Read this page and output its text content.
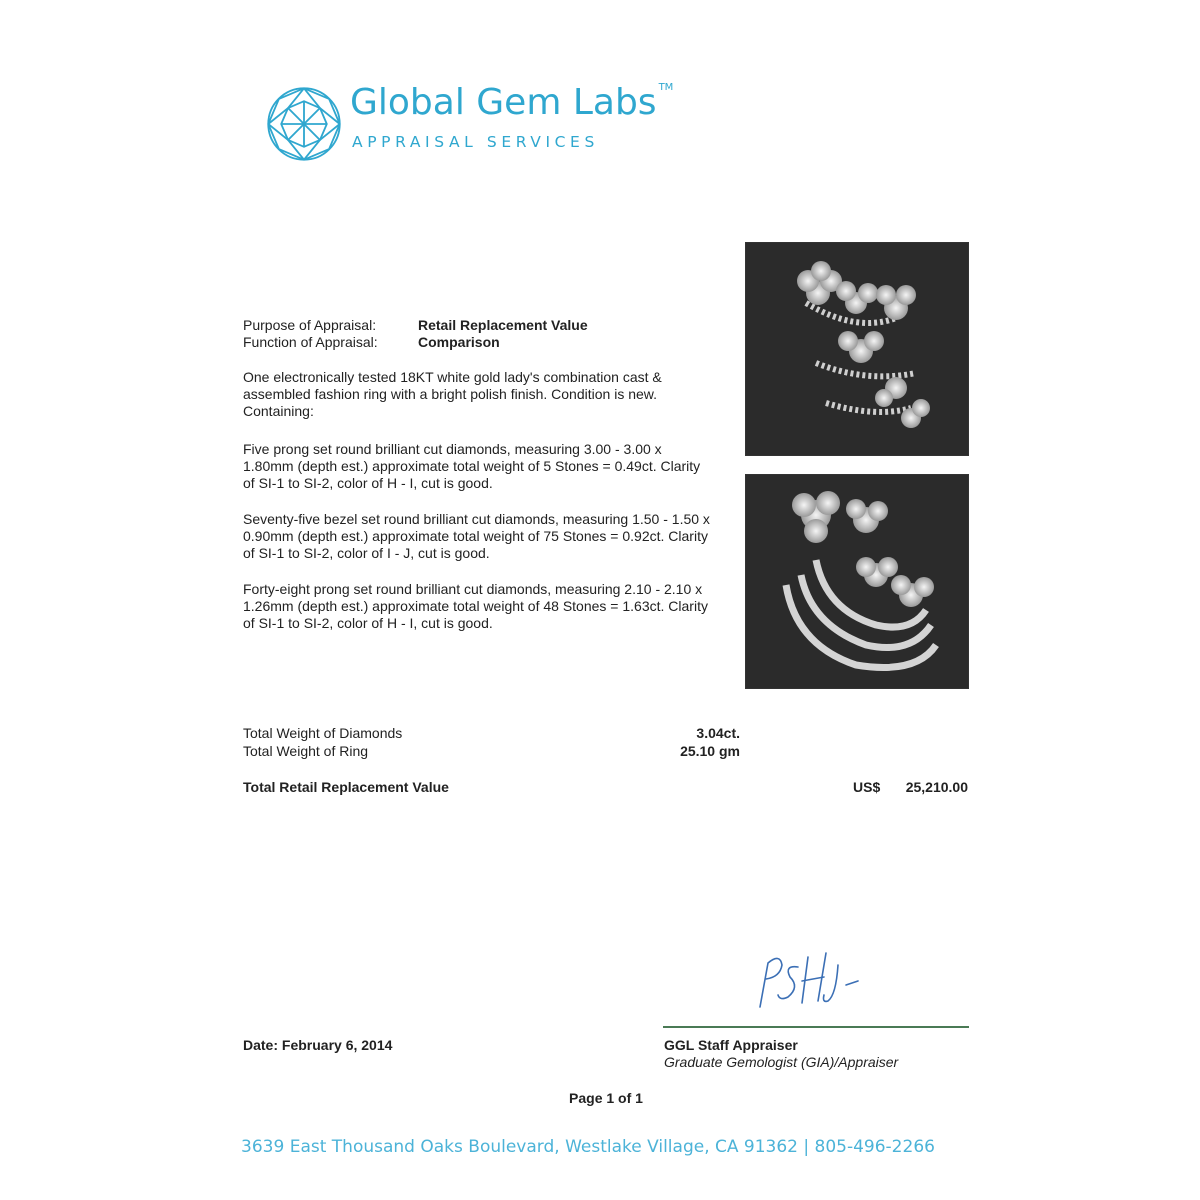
Global Gem Labs ™
APPRAISAL SERVICES
Purpose of Appraisal:	Retail Replacement Value
Function of Appraisal:	Comparison
One electronically tested 18KT white gold lady's combination cast & assembled fashion ring with a bright polish finish. Condition is new. Containing:
Five prong set round brilliant cut diamonds, measuring 3.00 - 3.00 x 1.80mm (depth est.) approximate total weight of 5 Stones = 0.49ct. Clarity of SI-1 to SI-2, color of H - I, cut is good.
Seventy-five bezel set round brilliant cut diamonds, measuring 1.50 - 1.50 x 0.90mm (depth est.) approximate total weight of 75 Stones = 0.92ct. Clarity of SI-1 to SI-2, color of I - J, cut is good.
Forty-eight prong set round brilliant cut diamonds, measuring 2.10 - 2.10 x 1.26mm (depth est.) approximate total weight of 48 Stones = 1.63ct. Clarity of SI-1 to SI-2, color of H - I, cut is good.
Total Weight of Diamonds	3.04ct.
Total Weight of Ring	25.10 gm
Total Retail Replacement Value	US$	25,210.00
Date: February 6, 2014	GGL Staff Appraiser
Graduate Gemologist (GIA)/Appraiser
Page 1 of 1
3639 East Thousand Oaks Boulevard, Westlake Village, CA 91362 | 805-496-2266
